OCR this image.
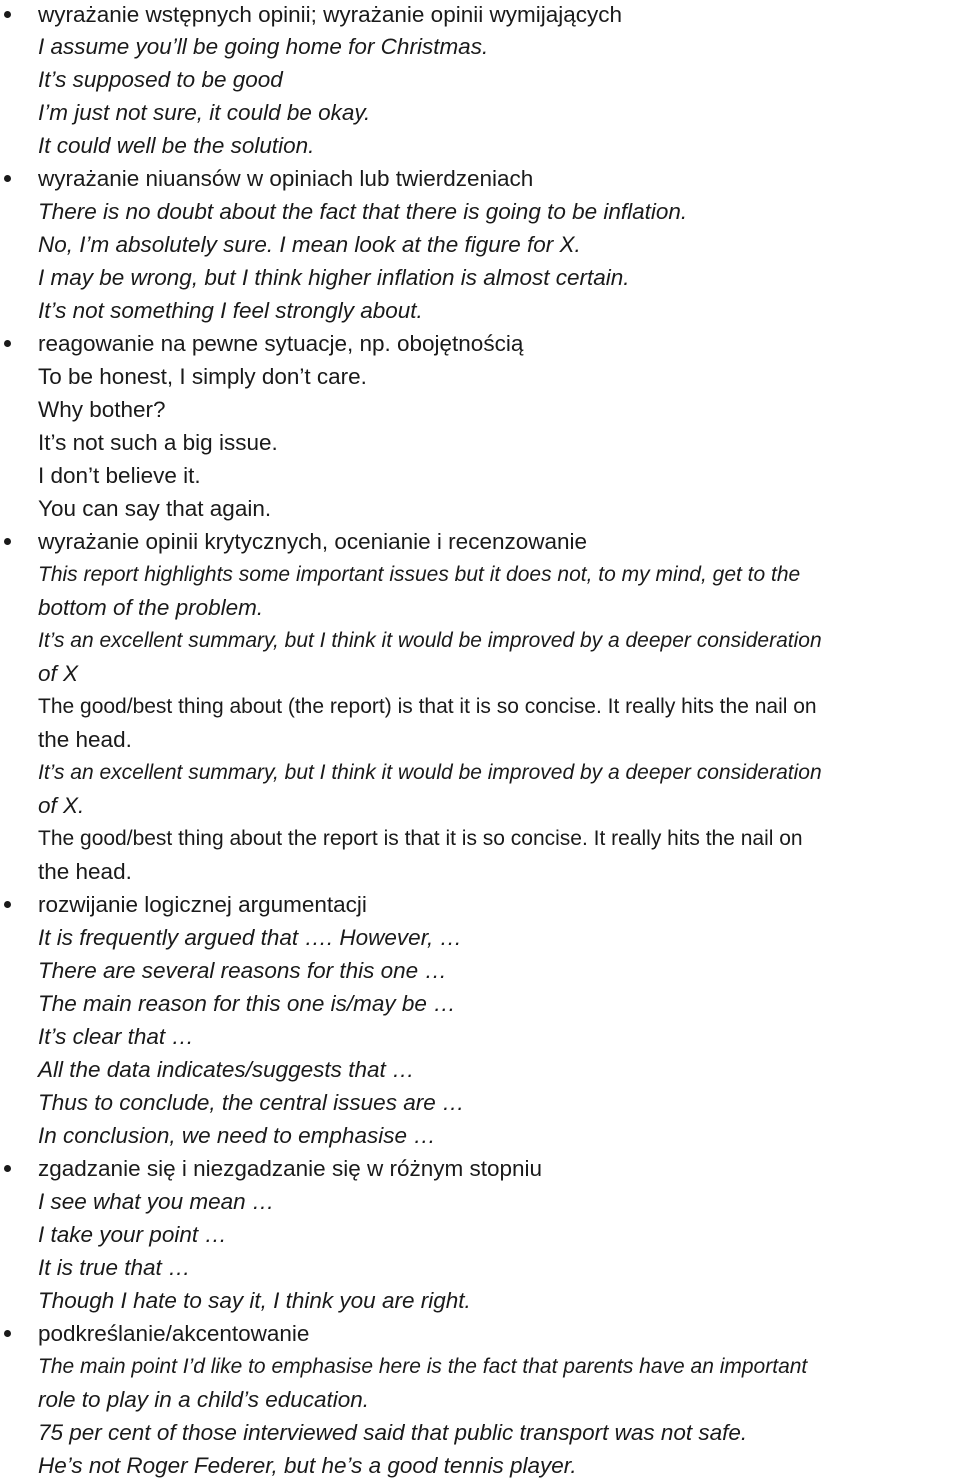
wyrażanie wstępnych opinii; wyrażanie opinii wymijających
I assume you’ll be going home for Christmas.
It’s supposed to be good
I’m just not sure, it could be okay.
It could well be the solution.
wyrażanie niuansów w opiniach lub twierdzeniach
There is no doubt about the fact that there is going to be inflation.
No, I’m absolutely sure. I mean look at the figure for X.
I may be wrong, but I think higher inflation is almost certain.
It’s not something I feel strongly about.
reagowanie na pewne sytuacje, np. obojętnością
To be honest, I simply don’t care.
Why bother?
It’s not such a big issue.
I don’t believe it.
You can say that again.
wyrażanie opinii krytycznych, ocenianie i recenzowanie
This report highlights some important issues but it does not, to my mind, get to the
bottom of the problem.
It’s an excellent summary, but I think it would be improved by a deeper consideration
of X
The good/best thing about (the report) is that it is so concise. It really hits the nail on
the head.
It’s an excellent summary, but I think it would be improved by a deeper consideration
of X.
The good/best thing about the report is that it is so concise. It really hits the nail on
the head.
rozwijanie logicznej argumentacji
It is frequently argued that …. However, …
There are several reasons for this one …
The main reason for this one is/may be …
It’s clear that …
All the data indicates/suggests that …
Thus to conclude, the central issues are …
In conclusion, we need to emphasise …
zgadzanie się i niezgadzanie się w różnym stopniu
I see what you mean …
I take your point …
It is true that …
Though I hate to say it, I think you are right.
podkreślanie/akcentowanie
The main point I’d like to emphasise here is the fact that parents have an important
role to play in a child’s education.
75 per cent of those interviewed said that public transport was not safe.
He’s not Roger Federer, but he’s a good tennis player.
